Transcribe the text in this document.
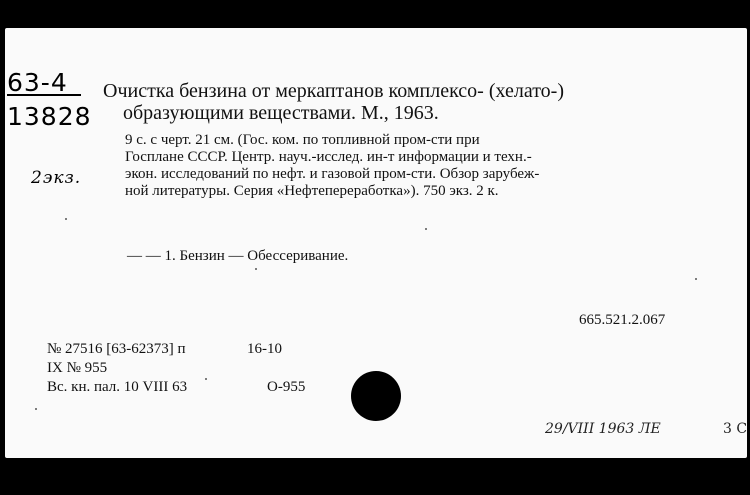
63-4
13828
2экз.
Очистка бензина от меркаптанов комплексо- (хелато-)
образующими веществами. М., 1963.
9 с. с черт. 21 см. (Гос. ком. по топливной пром-сти при
Госплане СССР. Центр. науч.-исслед. ин-т информации и техн.-
экон. исследований по нефт. и газовой пром-сти. Обзор зарубеж-
ной литературы. Серия «Нефтепереработка»). 750 экз. 2 к.
— — 1. Бензин — Обессеривание.
665.521.2.067
№ 27516 [63-62373] п	16-10
IX № 955
Вс. кн. пал. 10 VIII 63	О-955
29/VIII 1963 ЛЕ	3 С
